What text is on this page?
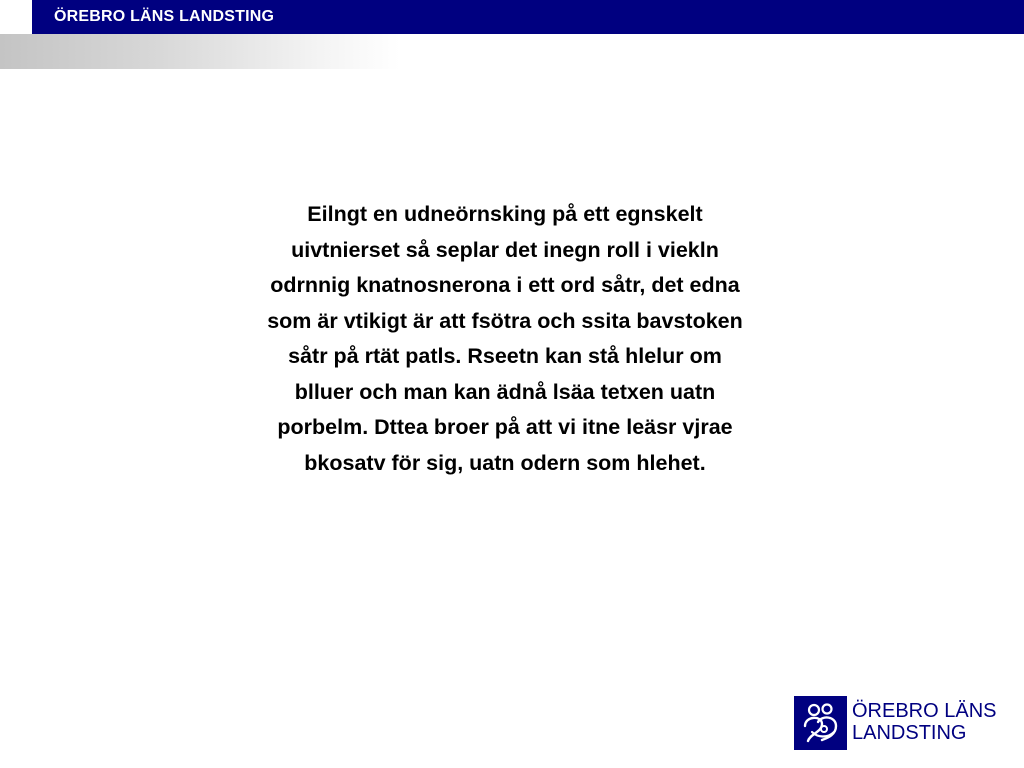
ÖREBRO LÄNS LANDSTING
Eilngt en udneörnsking på ett egnskelt
uivtnierset så seplar det inegn roll i viekln
odrnnig knatnosnerona i ett ord såtr, det edna
som är vtikigt är att fsötra och ssita bavstoken
såtr på rtät patls. Rseetn kan stå hlelur om
blluer och man kan ädnå lsäa tetxen uatn
porbelm. Dttea broer på att vi itne leäsr vjrae
bkosatv för sig, uatn odern som hlehet.
ÖREBRO LÄNS
LANDSTING
